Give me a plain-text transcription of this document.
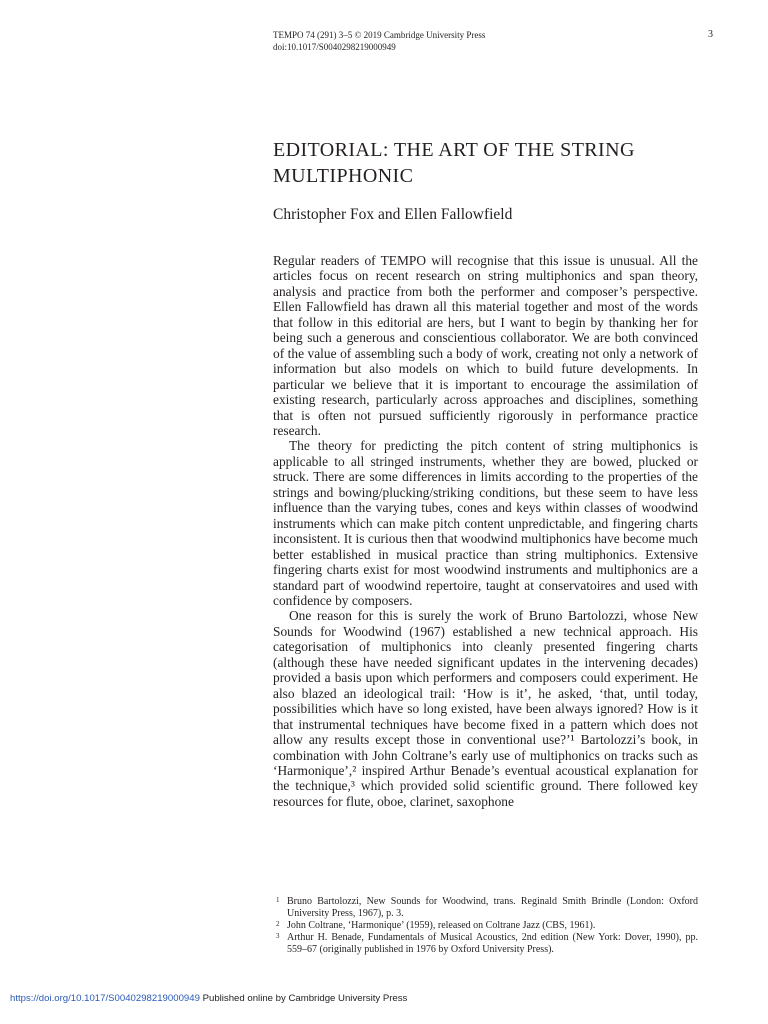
TEMPO 74 (291) 3–5 © 2019 Cambridge University Press
doi:10.1017/S0040298219000949
3
EDITORIAL: THE ART OF THE STRING
MULTIPHONIC
Christopher Fox and Ellen Fallowfield

Regular readers of TEMPO will recognise that this issue is unusual. All the articles focus on recent research on string multiphonics and span theory, analysis and practice from both the performer and composer’s perspective. Ellen Fallowfield has drawn all this material together and most of the words that follow in this editorial are hers, but I want to begin by thanking her for being such a generous and conscientious collaborator. We are both convinced of the value of assembling such a body of work, creating not only a network of information but also models on which to build future developments. In particular we believe that it is important to encourage the assimilation of existing research, particularly across approaches and disciplines, something that is often not pursued sufficiently rigorously in performance practice research.

The theory for predicting the pitch content of string multiphonics is applicable to all stringed instruments, whether they are bowed, plucked or struck. There are some differences in limits according to the properties of the strings and bowing/plucking/striking conditions, but these seem to have less influence than the varying tubes, cones and keys within classes of woodwind instruments which can make pitch content unpredictable, and fingering charts inconsistent. It is curious then that woodwind multiphonics have become much better established in musical practice than string multiphonics. Extensive fingering charts exist for most woodwind instruments and multiphonics are a standard part of woodwind repertoire, taught at conservatoires and used with confidence by composers.

One reason for this is surely the work of Bruno Bartolozzi, whose New Sounds for Woodwind (1967) established a new technical approach. His categorisation of multiphonics into cleanly presented fingering charts (although these have needed significant updates in the intervening decades) provided a basis upon which performers and composers could experiment. He also blazed an ideological trail: ‘How is it’, he asked, ‘that, until today, possibilities which have so long existed, have been always ignored? How is it that instrumental techniques have become fixed in a pattern which does not allow any results except those in conventional use?’¹ Bartolozzi’s book, in combination with John Coltrane’s early use of multiphonics on tracks such as ‘Harmonique’,² inspired Arthur Benade’s eventual acoustical explanation for the technique,³ which provided solid scientific ground. There followed key resources for flute, oboe, clarinet, saxophone

1 Bruno Bartolozzi, New Sounds for Woodwind, trans. Reginald Smith Brindle (London: Oxford University Press, 1967), p. 3.
2 John Coltrane, ‘Harmonique’ (1959), released on Coltrane Jazz (CBS, 1961).
3 Arthur H. Benade, Fundamentals of Musical Acoustics, 2nd edition (New York: Dover, 1990), pp. 559–67 (originally published in 1976 by Oxford University Press).
https://doi.org/10.1017/S0040298219000949 Published online by Cambridge University Press
